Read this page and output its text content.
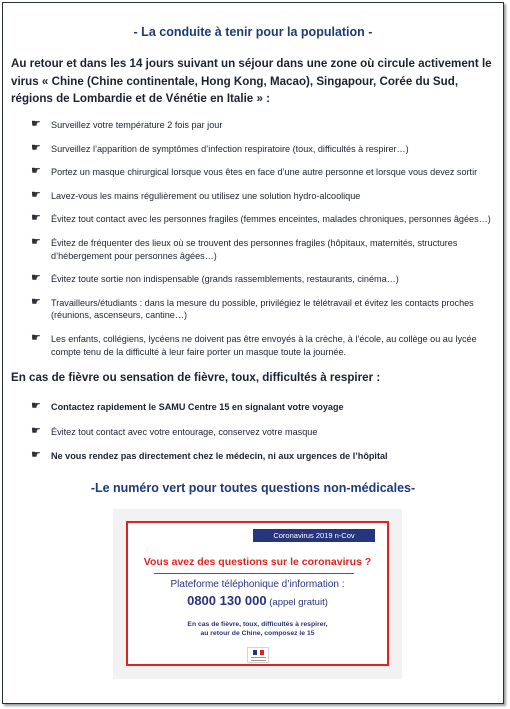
- La conduite à tenir pour la population -
Au retour et dans les 14 jours suivant un séjour dans une zone où circule activement le virus « Chine (Chine continentale, Hong Kong, Macao), Singapour, Corée du Sud, régions de Lombardie et de Vénétie en Italie » :
☛ Surveillez votre température 2 fois par jour
☛ Surveillez l’apparition de symptômes d’infection respiratoire (toux, difficultés à respirer…)
☛ Portez un masque chirurgical lorsque vous êtes en face d’une autre personne et lorsque vous devez sortir
☛ Lavez-vous les mains régulièrement ou utilisez une solution hydro-alcoolique
☛ Évitez tout contact avec les personnes fragiles (femmes enceintes, malades chroniques, personnes âgées…)
☛ Évitez de fréquenter des lieux où se trouvent des personnes fragiles (hôpitaux, maternités, structures d’hébergement pour personnes âgées…)
☛ Évitez toute sortie non indispensable (grands rassemblements, restaurants, cinéma…)
☛ Travailleurs/étudiants : dans la mesure du possible, privilégiez le télétravail et évitez les contacts proches (réunions, ascenseurs, cantine…)
☛ Les enfants, collégiens, lycéens ne doivent pas être envoyés à la crèche, à l’école, au collège ou au lycée compte tenu de la difficulté à leur faire porter un masque toute la journée.
En cas de fièvre ou sensation de fièvre, toux, difficultés à respirer :
☛ Contactez rapidement le SAMU Centre 15 en signalant votre voyage
☛ Évitez tout contact avec votre entourage, conservez votre masque
☛ Ne vous rendez pas directement chez le médecin, ni aux urgences de l’hôpital
-Le numéro vert pour toutes questions non-médicales-
Coronavirus 2019 n-Cov
Vous avez des questions sur le coronavirus ?
Plateforme téléphonique d’information :
0800 130 000 (appel gratuit)
En cas de fièvre, toux, difficultés à respirer,
au retour de Chine, composez le 15
